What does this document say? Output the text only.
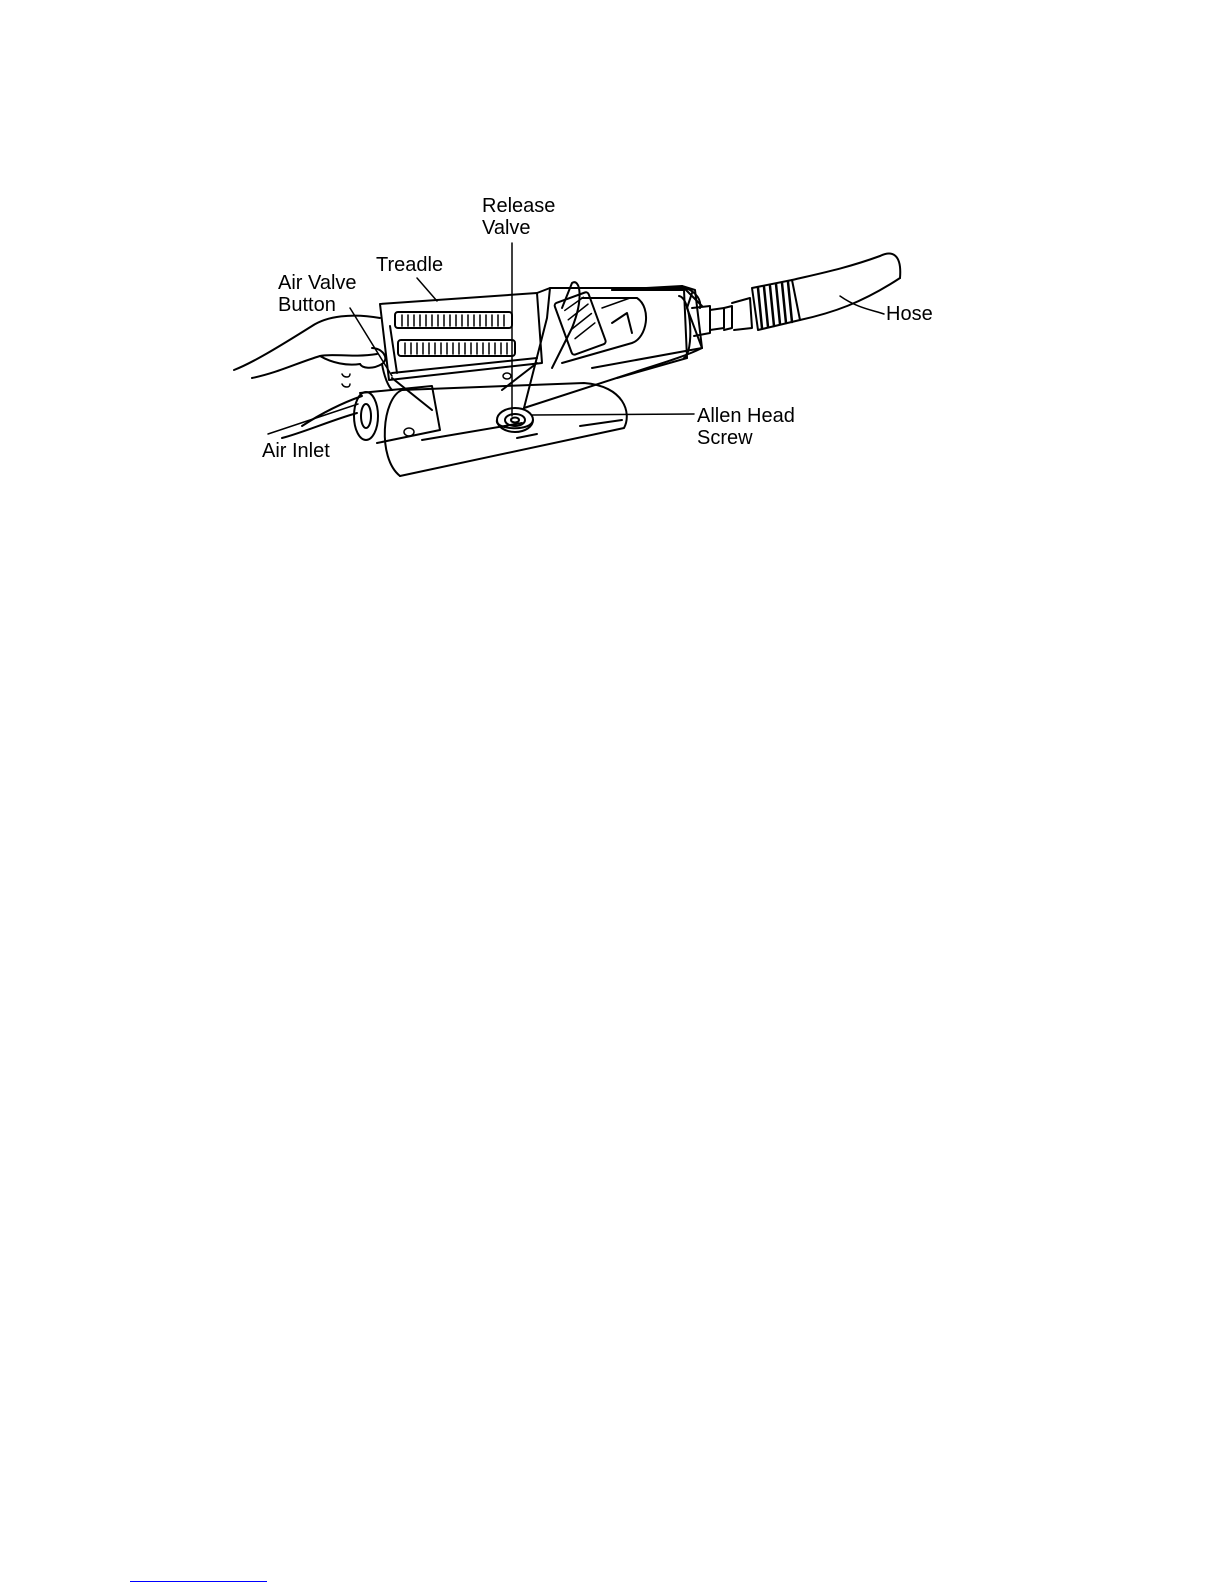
Release
Valve
Treadle
Air Valve
Button	Hose
Allen Head
Screw
Air Inlet
